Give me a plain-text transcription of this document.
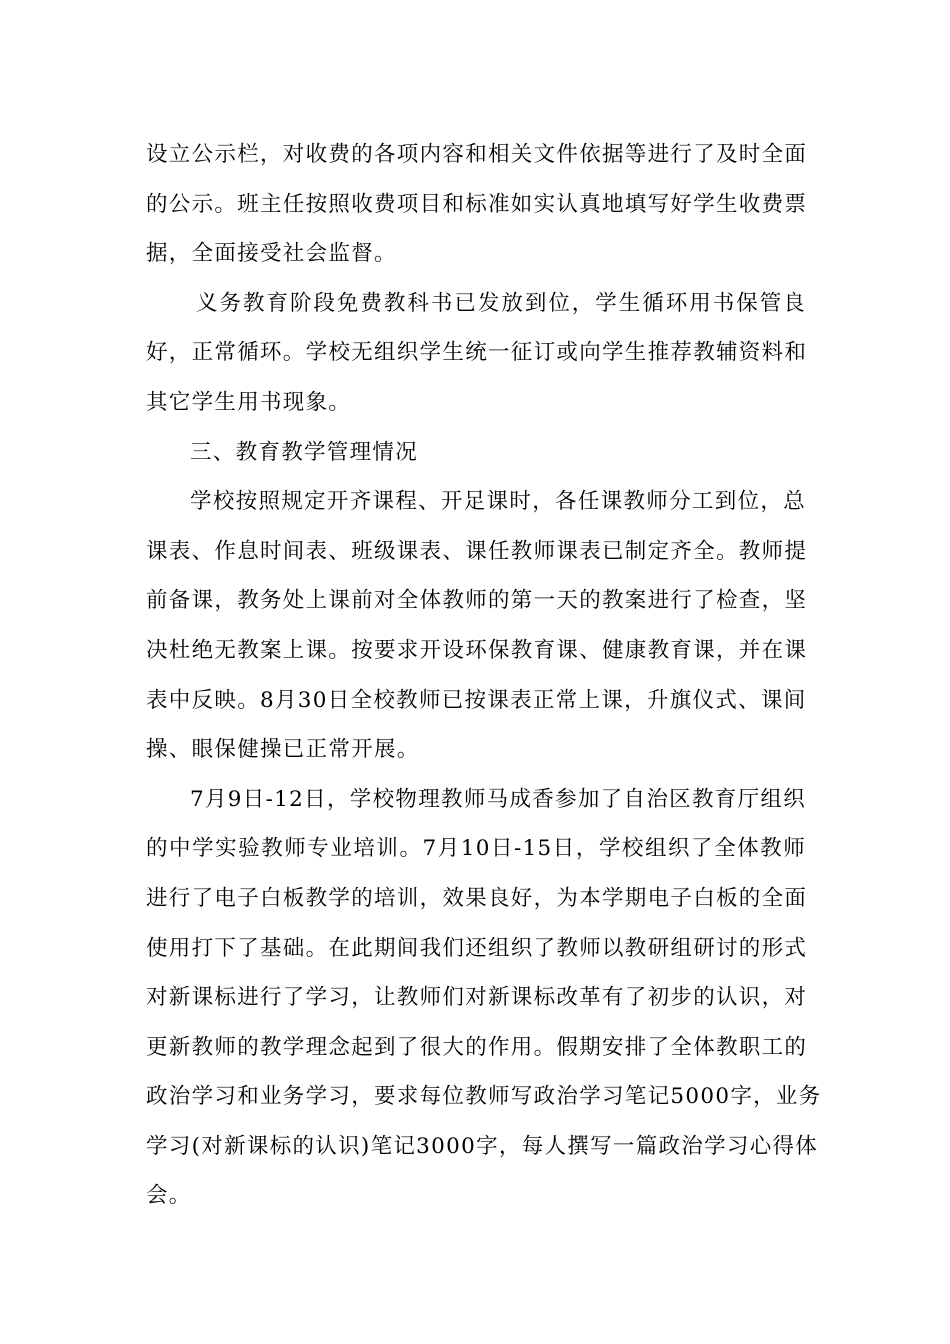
设立公示栏，对收费的各项内容和相关文件依据等进行了及时全面
的公示。班主任按照收费项目和标准如实认真地填写好学生收费票
据，全面接受社会监督。
义务教育阶段免费教科书已发放到位，学生循环用书保管良
好，正常循环。学校无组织学生统一征订或向学生推荐教辅资料和
其它学生用书现象。
三、教育教学管理情况
学校按照规定开齐课程、开足课时，各任课教师分工到位，总
课表、作息时间表、班级课表、课任教师课表已制定齐全。教师提
前备课，教务处上课前对全体教师的第一天的教案进行了检查，坚
决杜绝无教案上课。按要求开设环保教育课、健康教育课，并在课
表中反映。8月30日全校教师已按课表正常上课，升旗仪式、课间
操、眼保健操已正常开展。
7月9日-12日，学校物理教师马成香参加了自治区教育厅组织
的中学实验教师专业培训。7月10日-15日，学校组织了全体教师
进行了电子白板教学的培训，效果良好，为本学期电子白板的全面
使用打下了基础。在此期间我们还组织了教师以教研组研讨的形式
对新课标进行了学习，让教师们对新课标改革有了初步的认识，对
更新教师的教学理念起到了很大的作用。假期安排了全体教职工的
政治学习和业务学习，要求每位教师写政治学习笔记5000字，业务
学习(对新课标的认识)笔记3000字，每人撰写一篇政治学习心得体
会。
